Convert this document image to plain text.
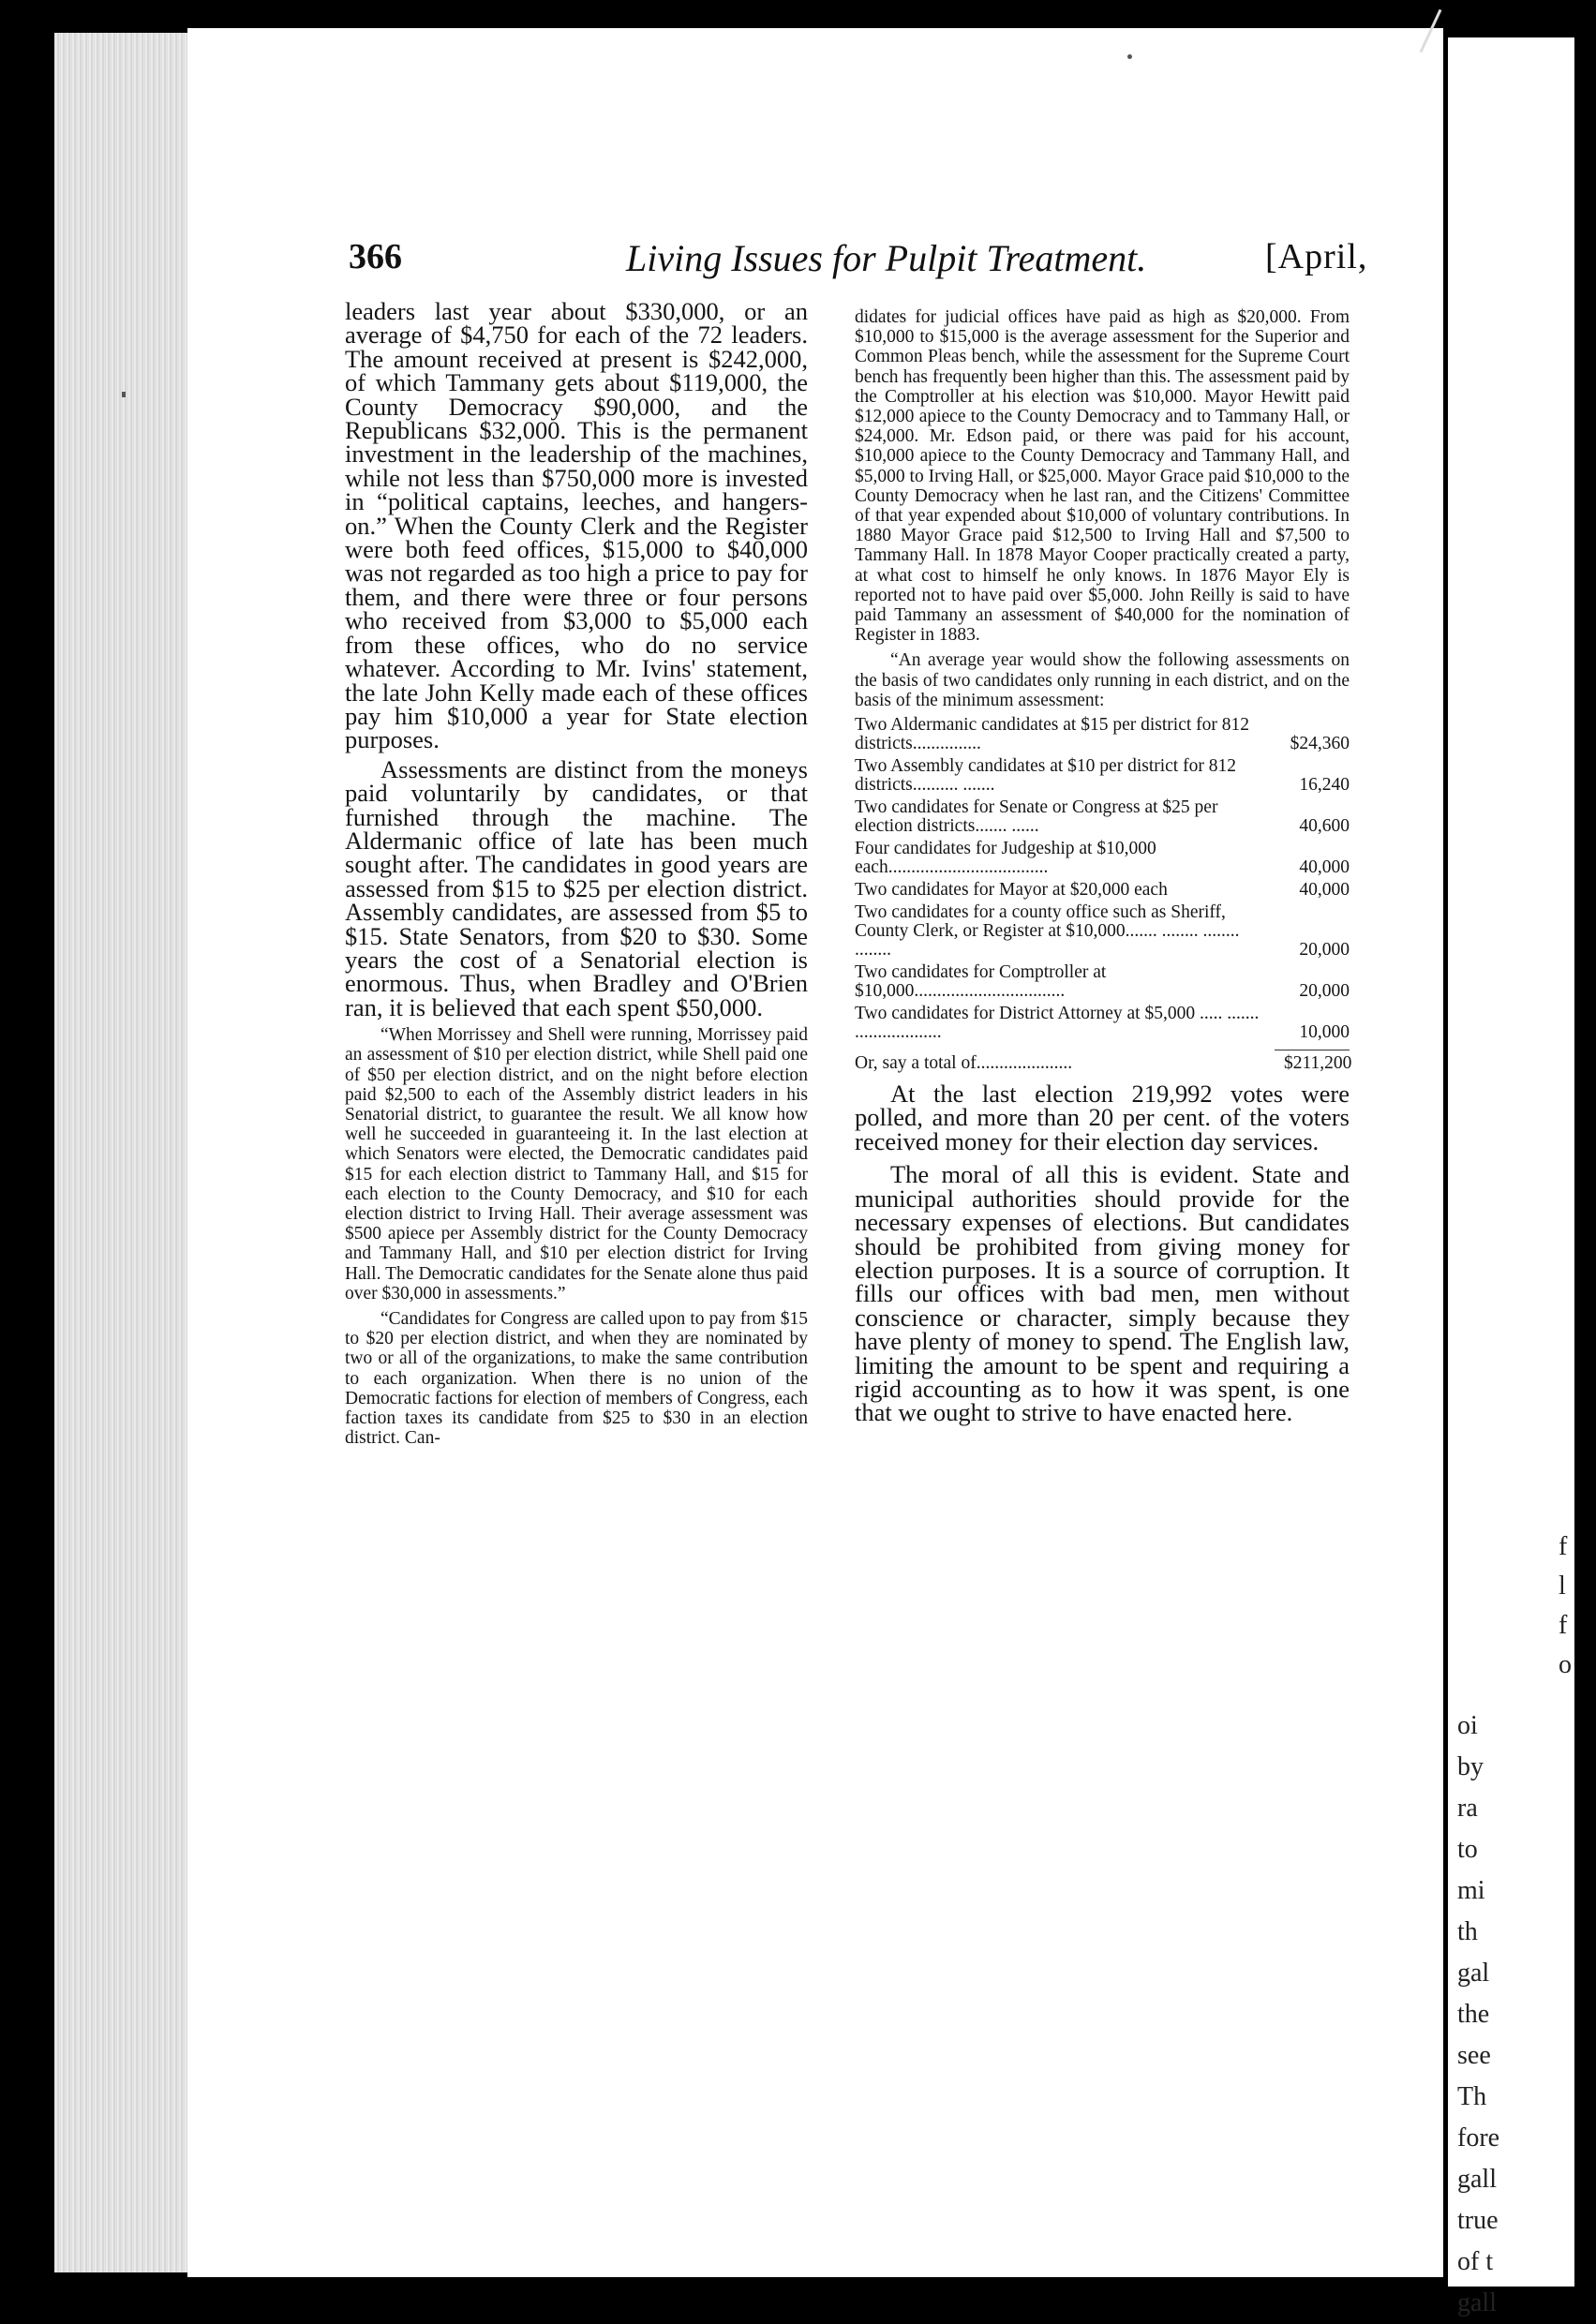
f
l
f
o
oi
by
ra
to
mi
th
gal
the
see
Th
fore
gall
true
of t
gall
366	Living Issues for Pulpit Treatment.	[April,

leaders last year about $330,000, or an average of $4,750 for each of the 72 leaders. The amount received at present is $242,000, of which Tammany gets about $119,000, the County Democracy $90,000, and the Republicans $32,000. This is the permanent investment in the leadership of the machines, while not less than $750,000 more is invested in “political captains, leeches, and hangers-on.” When the County Clerk and the Register were both feed offices, $15,000 to $40,000 was not regarded as too high a price to pay for them, and there were three or four persons who received from $3,000 to $5,000 each from these offices, who do no service whatever. According to Mr. Ivins' statement, the late John Kelly made each of these offices pay him $10,000 a year for State election purposes.

Assessments are distinct from the moneys paid voluntarily by candidates, or that furnished through the machine. The Aldermanic office of late has been much sought after. The candidates in good years are assessed from $15 to $25 per election district. Assembly candidates, are assessed from $5 to $15. State Senators, from $20 to $30. Some years the cost of a Senatorial election is enormous. Thus, when Bradley and O'Brien ran, it is believed that each spent $50,000.

“When Morrissey and Shell were running, Morrissey paid an assessment of $10 per election district, while Shell paid one of $50 per election district, and on the night before election paid $2,500 to each of the Assembly district leaders in his Senatorial district, to guarantee the result. We all know how well he succeeded in guaranteeing it. In the last election at which Senators were elected, the Democratic candidates paid $15 for each election district to Tammany Hall, and $15 for each election to the County Democracy, and $10 for each election district to Irving Hall. Their average assessment was $500 apiece per Assembly district for the County Democracy and Tammany Hall, and $10 per election district for Irving Hall. The Democratic candidates for the Senate alone thus paid over $30,000 in assessments.”

“Candidates for Congress are called upon to pay from $15 to $20 per election district, and when they are nominated by two or all of the organizations, to make the same contribution to each organization. When there is no union of the Democratic factions for election of members of Congress, each faction taxes its candidate from $25 to $30 in an election district. Can-

didates for judicial offices have paid as high as $20,000. From $10,000 to $15,000 is the average assessment for the Superior and Common Pleas bench, while the assessment for the Supreme Court bench has frequently been higher than this. The assessment paid by the Comptroller at his election was $10,000. Mayor Hewitt paid $12,000 apiece to the County Democracy and to Tammany Hall, or $24,000. Mr. Edson paid, or there was paid for his account, $10,000 apiece to the County Democracy and Tammany Hall, and $5,000 to Irving Hall, or $25,000. Mayor Grace paid $10,000 to the County Democracy when he last ran, and the Citizens' Committee of that year expended about $10,000 of voluntary contributions. In 1880 Mayor Grace paid $12,500 to Irving Hall and $7,500 to Tammany Hall. In 1878 Mayor Cooper practically created a party, at what cost to himself he only knows. In 1876 Mayor Ely is reported not to have paid over $5,000. John Reilly is said to have paid Tammany an assessment of $40,000 for the nomination of Register in 1883.

“An average year would show the following assessments on the basis of two candidates only running in each district, and on the basis of the minimum assessment:

Two Aldermanic candidates at $15 per district for 812 districts...............	$24,360
Two Assembly candidates at $10 per district for 812 districts.......... .......	16,240
Two candidates for Senate or Congress at $25 per election districts....... ......	40,600
Four candidates for Judgeship at $10,000 each...................................	40,000
Two candidates for Mayor at $20,000 each	40,000
Two candidates for a county office such as Sheriff, County Clerk, or Register at $10,000....... ........ ........ ........	20,000
Two candidates for Comptroller at $10,000.................................	20,000
Two candidates for District Attorney at $5,000 ..... ....... ...................	10,000
Or, say a total of.....................	$211,200

At the last election 219,992 votes were polled, and more than 20 per cent. of the voters received money for their election day services.

The moral of all this is evident. State and municipal authorities should provide for the necessary expenses of elections. But candidates should be prohibited from giving money for election purposes. It is a source of corruption. It fills our offices with bad men, men without conscience or character, simply because they have plenty of money to spend. The English law, limiting the amount to be spent and requiring a rigid accounting as to how it was spent, is one that we ought to strive to have enacted here.
